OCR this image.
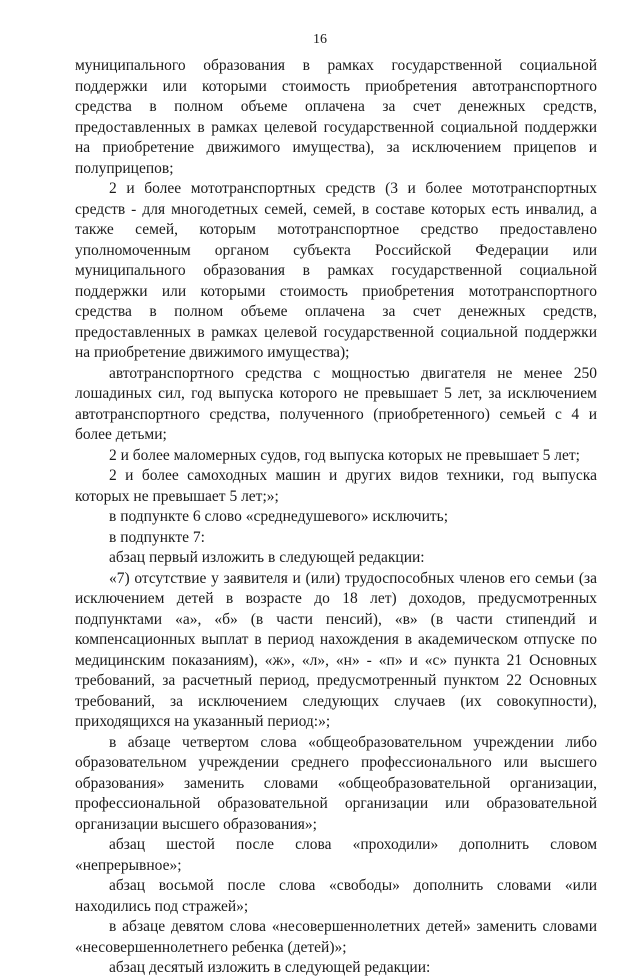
16

муниципального образования в рамках государственной социальной поддержки или которыми стоимость приобретения автотранспортного средства в полном объеме оплачена за счет денежных средств, предоставленных в рамках целевой государственной социальной поддержки на приобретение движимого имущества), за исключением прицепов и полуприцепов;

2 и более мототранспортных средств (3 и более мототранспортных средств - для многодетных семей, семей, в составе которых есть инвалид, а также семей, которым мототранспортное средство предоставлено уполномоченным органом субъекта Российской Федерации или муниципального образования в рамках государственной социальной поддержки или которыми стоимость приобретения мототранспортного средства в полном объеме оплачена за счет денежных средств, предоставленных в рамках целевой государственной социальной поддержки на приобретение движимого имущества);

автотранспортного средства с мощностью двигателя не менее 250 лошадиных сил, год выпуска которого не превышает 5 лет, за исключением автотранспортного средства, полученного (приобретенного) семьей с 4 и более детьми;

2 и более маломерных судов, год выпуска которых не превышает 5 лет;

2 и более самоходных машин и других видов техники, год выпуска которых не превышает 5 лет;»;

в подпункте 6 слово «среднедушевого» исключить;

в подпункте 7:

абзац первый изложить в следующей редакции:

«7) отсутствие у заявителя и (или) трудоспособных членов его семьи (за исключением детей в возрасте до 18 лет) доходов, предусмотренных подпунктами «а», «б» (в части пенсий), «в» (в части стипендий и компенсационных выплат в период нахождения в академическом отпуске по медицинским показаниям), «ж», «л», «н» - «п» и «с» пункта 21 Основных требований, за расчетный период, предусмотренный пунктом 22 Основных требований, за исключением следующих случаев (их совокупности), приходящихся на указанный период:»;

в абзаце четвертом слова «общеобразовательном учреждении либо образовательном учреждении среднего профессионального или высшего образования» заменить словами «общеобразовательной организации, профессиональной образовательной организации или образовательной организации высшего образования»;

абзац шестой после слова «проходили» дополнить словом «непрерывное»;

абзац восьмой после слова «свободы» дополнить словами «или находились под стражей»;

в абзаце девятом слова «несовершеннолетних детей» заменить словами «несовершеннолетнего ребенка (детей)»;

абзац десятый изложить в следующей редакции:
